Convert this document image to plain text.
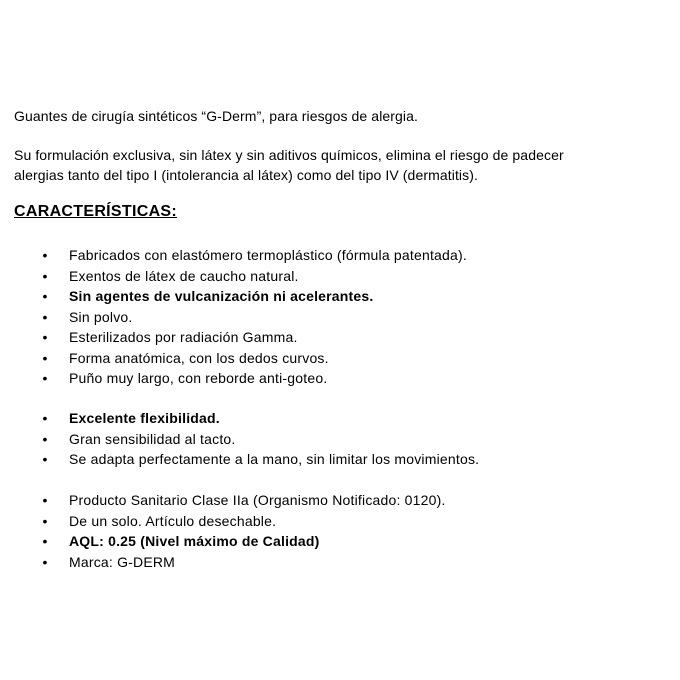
Guantes de cirugía sintéticos “G-Derm”, para riesgos de alergia.

Su formulación exclusiva, sin látex y sin aditivos químicos, elimina el riesgo de padecer
alergias tanto del tipo I (intolerancia al látex) como del tipo IV (dermatitis).

CARACTERÍSTICAS:

• Fabricados con elastómero termoplástico (fórmula patentada).
• Exentos de látex de caucho natural.
• Sin agentes de vulcanización ni acelerantes.
• Sin polvo.
• Esterilizados por radiación Gamma.
• Forma anatómica, con los dedos curvos.
• Puño muy largo, con reborde anti-goteo.
• Excelente flexibilidad.
• Gran sensibilidad al tacto.
• Se adapta perfectamente a la mano, sin limitar los movimientos.
• Producto Sanitario Clase IIa (Organismo Notificado: 0120).
• De un solo. Artículo desechable.
• AQL: 0.25 (Nivel máximo de Calidad)
• Marca: G-DERM
